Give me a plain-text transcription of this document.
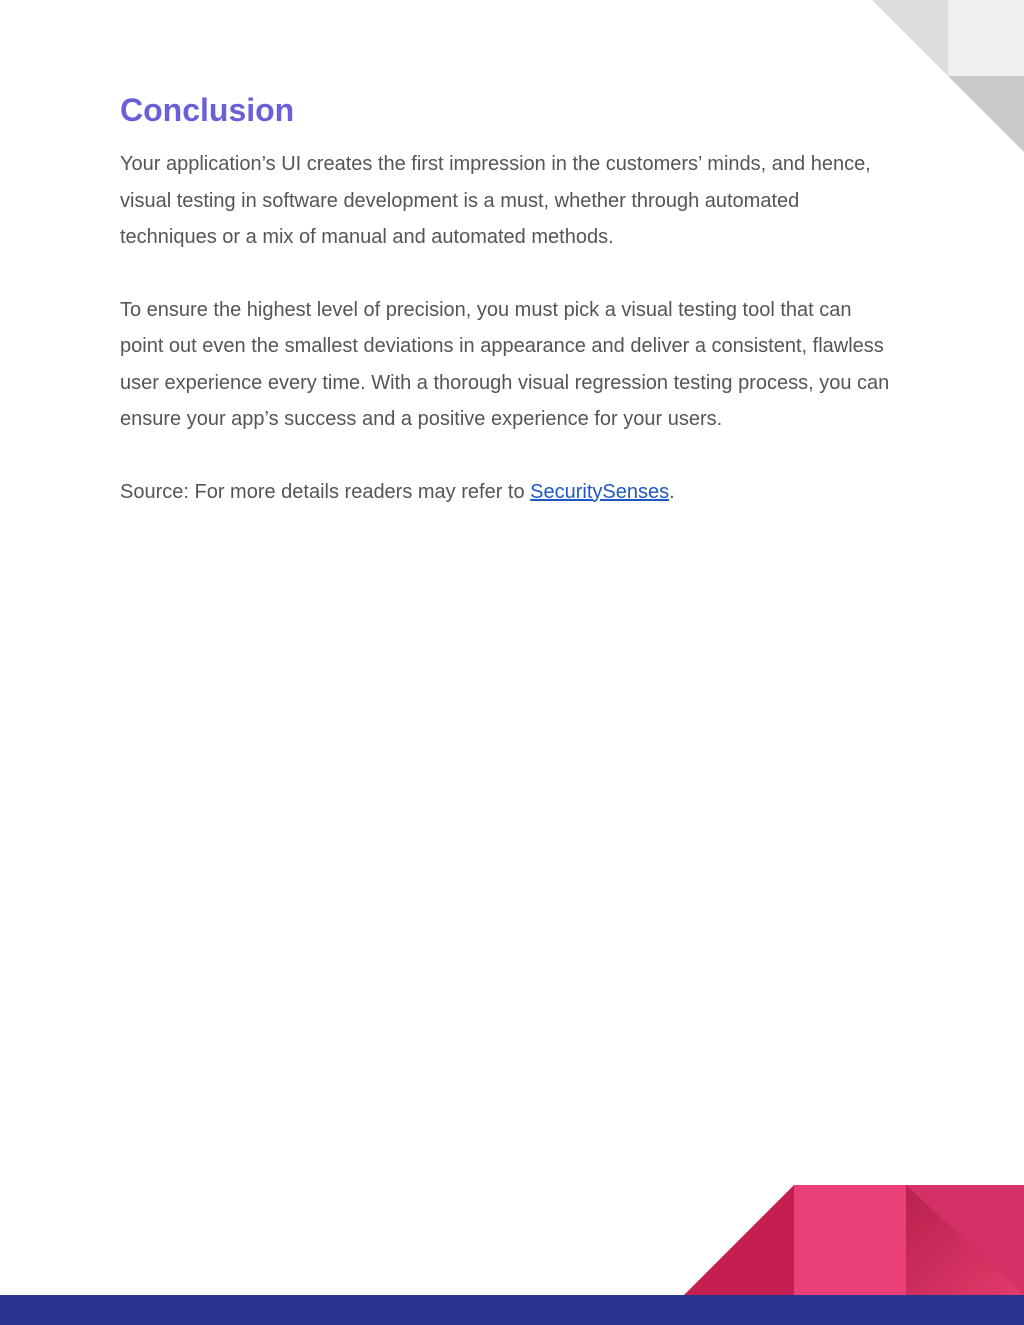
Conclusion

Your application’s UI creates the first impression in the customers’ minds, and hence, visual testing in software development is a must, whether through automated techniques or a mix of manual and automated methods.

To ensure the highest level of precision, you must pick a visual testing tool that can point out even the smallest deviations in appearance and deliver a consistent, flawless user experience every time. With a thorough visual regression testing process, you can ensure your app’s success and a positive experience for your users.

Source: For more details readers may refer to SecuritySenses.
